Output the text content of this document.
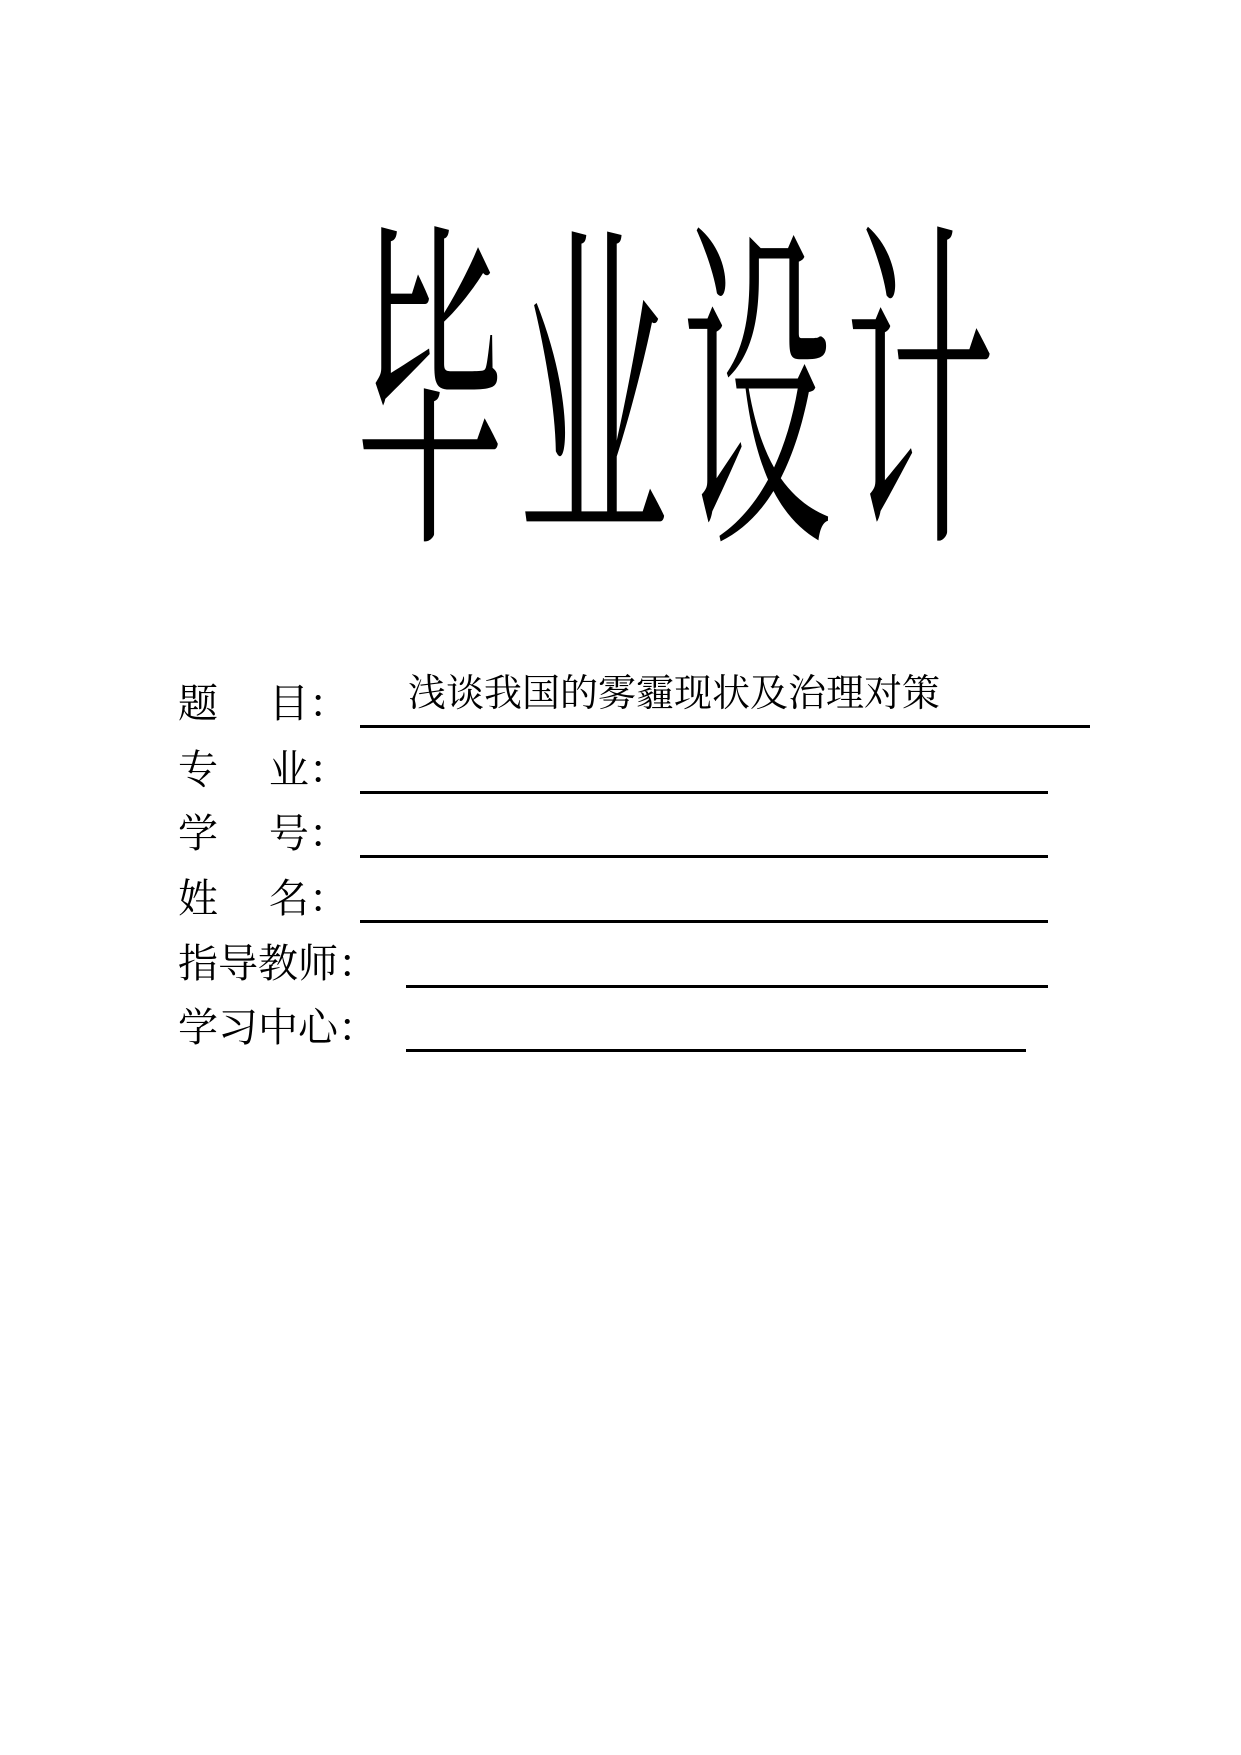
毕 业 设 计
题    目： 浅谈我国的雾霾现状及治理对策
专    业：
学    号：
姓    名：
指导教师：
学习中心：
